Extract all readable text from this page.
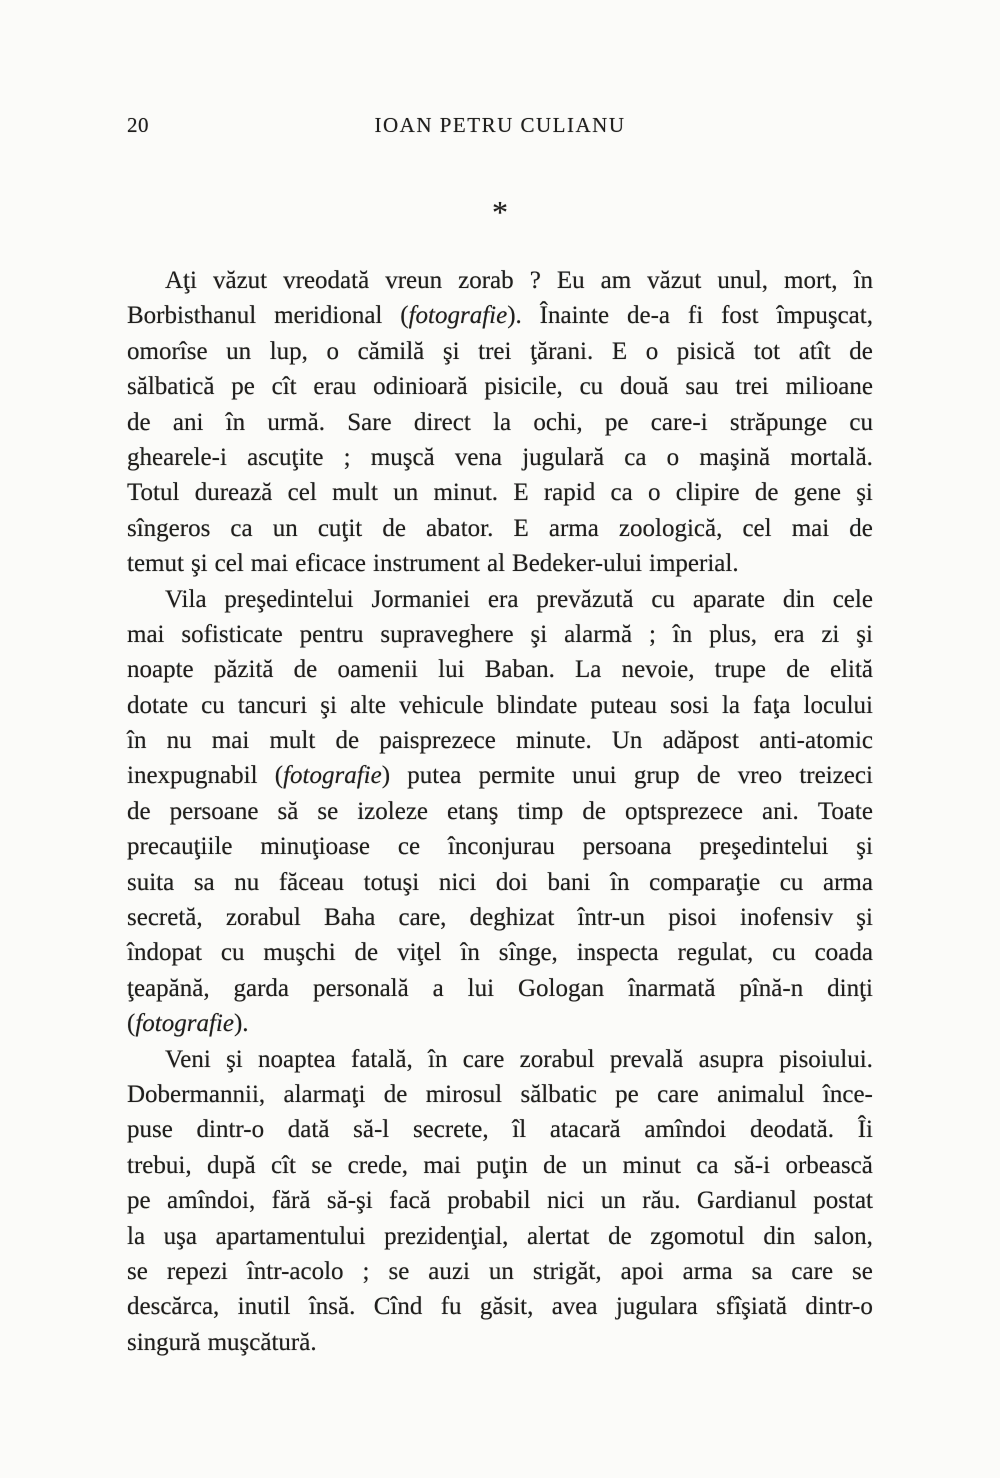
20	IOAN PETRU CULIANU
*
Aţi văzut vreodată vreun zorab ? Eu am văzut unul, mort, în
Borbisthanul meridional (fotografie). Înainte de-a fi fost împuşcat,
omorîse un lup, o cămilă şi trei ţărani. E o pisică tot atît de
sălbatică pe cît erau odinioară pisicile, cu două sau trei milioane
de ani în urmă. Sare direct la ochi, pe care-i străpunge cu
ghearele-i ascuţite ; muşcă vena jugulară ca o maşină mortală.
Totul durează cel mult un minut. E rapid ca o clipire de gene şi
sîngeros ca un cuţit de abator. E arma zoologică, cel mai de
temut şi cel mai eficace instrument al Bedeker-ului imperial.
Vila preşedintelui Jormaniei era prevăzută cu aparate din cele
mai sofisticate pentru supraveghere şi alarmă ; în plus, era zi şi
noapte păzită de oamenii lui Baban. La nevoie, trupe de elită
dotate cu tancuri şi alte vehicule blindate puteau sosi la faţa locului
în nu mai mult de paisprezece minute. Un adăpost anti-atomic
inexpugnabil (fotografie) putea permite unui grup de vreo treizeci
de persoane să se izoleze etanş timp de optsprezece ani. Toate
precauţiile minuţioase ce înconjurau persoana preşedintelui şi
suita sa nu făceau totuşi nici doi bani în comparaţie cu arma
secretă, zorabul Baha care, deghizat într-un pisoi inofensiv şi
îndopat cu muşchi de viţel în sînge, inspecta regulat, cu coada
ţeapănă, garda personală a lui Gologan înarmată pînă-n dinţi
(fotografie).
Veni şi noaptea fatală, în care zorabul prevală asupra pisoiului.
Dobermannii, alarmaţi de mirosul sălbatic pe care animalul înce-
puse dintr-o dată să-l secrete, îl atacară amîndoi deodată. Îi
trebui, după cît se crede, mai puţin de un minut ca să-i orbească
pe amîndoi, fără să-şi facă probabil nici un rău. Gardianul postat
la uşa apartamentului prezidenţial, alertat de zgomotul din salon,
se repezi într-acolo ; se auzi un strigăt, apoi arma sa care se
descărca, inutil însă. Cînd fu găsit, avea jugulara sfîşiată dintr-o
singură muşcătură.
